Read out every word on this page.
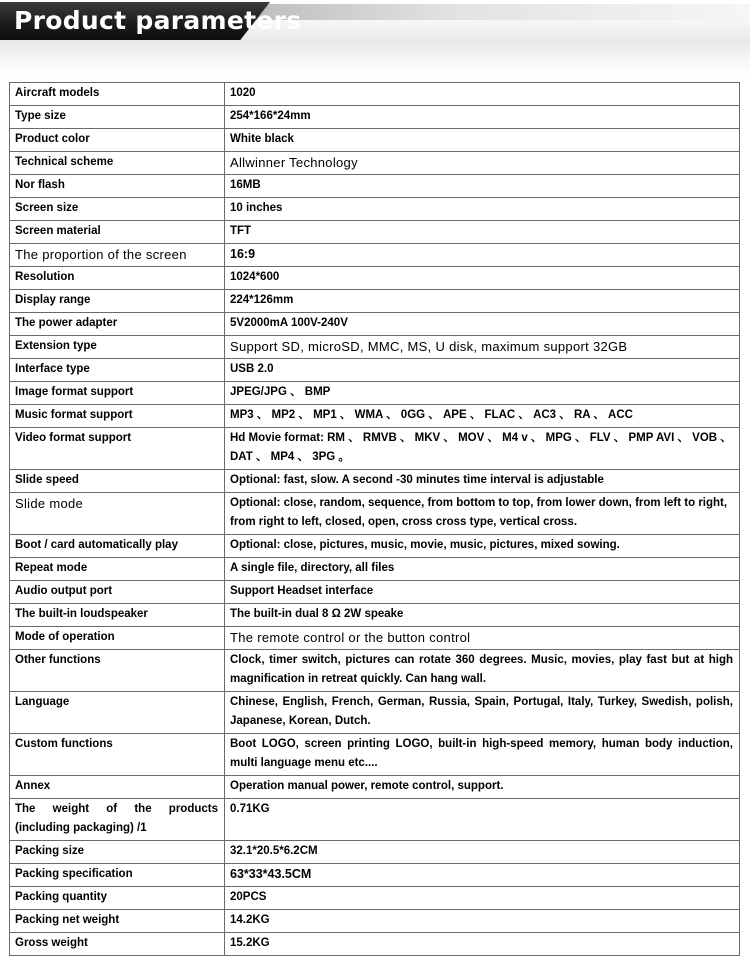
Product parameters
Aircraft models	1020
Type size	254*166*24mm
Product color	White black
Technical scheme	Allwinner Technology
Nor flash	16MB
Screen size	10 inches
Screen material	TFT
The proportion of the screen	16:9
Resolution	1024*600
Display range	224*126mm
The power adapter	5V2000mA 100V-240V
Extension type	Support SD, microSD, MMC, MS, U disk, maximum support 32GB
Interface type	USB 2.0
Image format support	JPEG/JPG 、 BMP
Music format support	MP3 、 MP2 、 MP1 、 WMA 、 0GG 、 APE 、 FLAC 、 AC3 、 RA 、 ACC
Video format support	Hd Movie format: RM 、 RMVB 、 MKV 、 MOV 、 M4 v 、 MPG 、 FLV 、 PMP AVI 、 VOB 、 DAT 、 MP4 、 3PG 。
Slide speed	Optional: fast, slow. A second -30 minutes time interval is adjustable
Slide mode	Optional: close, random, sequence, from bottom to top, from lower down, from left to right, from right to left, closed, open, cross cross type, vertical cross.
Boot / card automatically play	Optional: close, pictures, music, movie, music, pictures, mixed sowing.
Repeat mode	A single file, directory, all files
Audio output port	Support Headset interface
The built-in loudspeaker	The built-in dual 8 Ω 2W speake
Mode of operation	The remote control or the button control
Other functions	Clock, timer switch, pictures can rotate 360 degrees. Music, movies, play fast but at high magnification in retreat quickly. Can hang wall.
Language	Chinese, English, French, German, Russia, Spain, Portugal, Italy, Turkey, Swedish, polish, Japanese, Korean, Dutch.
Custom functions	Boot LOGO, screen printing LOGO, built-in high-speed memory, human body induction, multi language menu etc....
Annex	Operation manual power, remote control, support.
The weight of the products (including packaging) /1	0.71KG
Packing size	32.1*20.5*6.2CM
Packing specification	63*33*43.5CM
Packing quantity	20PCS
Packing net weight	14.2KG
Gross weight	15.2KG
